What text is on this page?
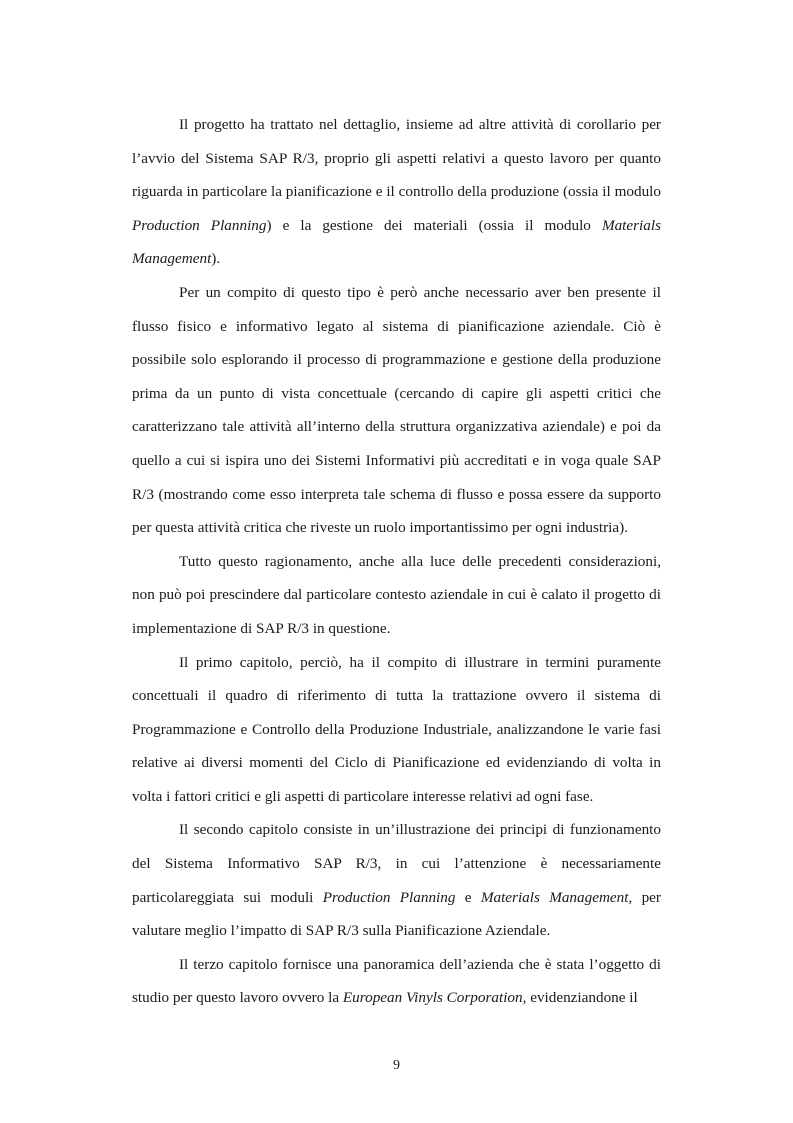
Il progetto ha trattato nel dettaglio, insieme ad altre attività di corollario per l’avvio del Sistema SAP R/3, proprio gli aspetti relativi a questo lavoro per quanto riguarda in particolare la pianificazione e il controllo della produzione (ossia il modulo Production Planning) e la gestione dei materiali (ossia il modulo Materials Management).

Per un compito di questo tipo è però anche necessario aver ben presente il flusso fisico e informativo legato al sistema di pianificazione aziendale. Ciò è possibile solo esplorando il processo di programmazione e gestione della produzione prima da un punto di vista concettuale (cercando di capire gli aspetti critici che caratterizzano tale attività all’interno della struttura organizzativa aziendale) e poi da quello a cui si ispira uno dei Sistemi Informativi più accreditati e in voga quale SAP R/3 (mostrando come esso interpreta tale schema di flusso e possa essere da supporto per questa attività critica che riveste un ruolo importantissimo per ogni industria).

Tutto questo ragionamento, anche alla luce delle precedenti considerazioni, non può poi prescindere dal particolare contesto aziendale in cui è calato il progetto di implementazione di SAP R/3 in questione.

Il primo capitolo, perciò, ha il compito di illustrare in termini puramente concettuali il quadro di riferimento di tutta la trattazione ovvero il sistema di Programmazione e Controllo della Produzione Industriale, analizzandone le varie fasi relative ai diversi momenti del Ciclo di Pianificazione ed evidenziando di volta in volta i fattori critici e gli aspetti di particolare interesse relativi ad ogni fase.

Il secondo capitolo consiste in un’illustrazione dei principi di funzionamento del Sistema Informativo SAP R/3, in cui l’attenzione è necessariamente particolareggiata sui moduli Production Planning e Materials Management, per valutare meglio l’impatto di SAP R/3 sulla Pianificazione Aziendale.

Il terzo capitolo fornisce una panoramica dell’azienda che è stata l’oggetto di studio per questo lavoro ovvero la European Vinyls Corporation, evidenziandone il

9
